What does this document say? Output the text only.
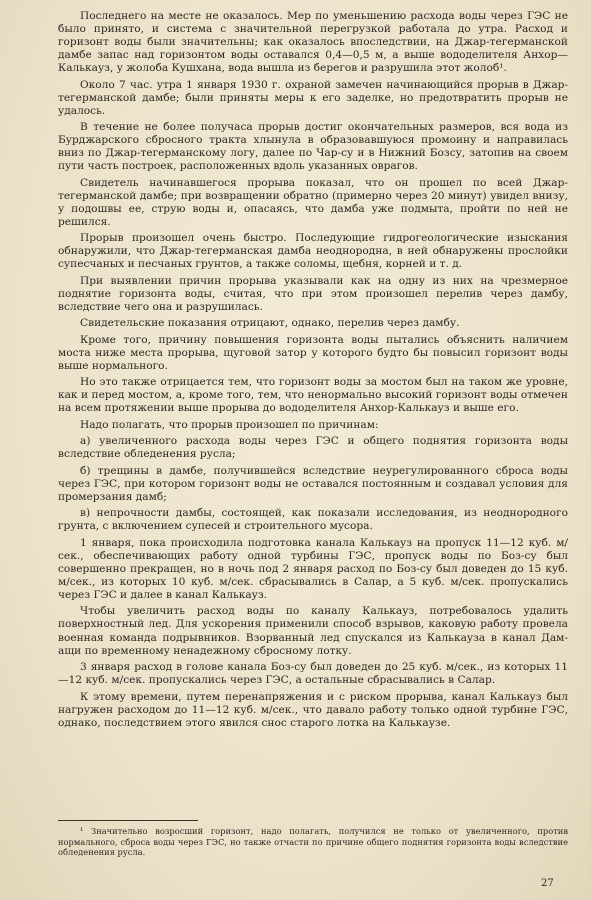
Последнего на месте не оказалось. Мер по уменьшению расхода воды через ГЭС не было принято, и система с значительной перегрузкой работала до утра. Расход и горизонт воды были значительны; как оказалось впоследствии, на Джар-тегерманской дамбе запас над горизонтом воды оставался 0,4—0,5 м, а выше вододелителя Анхор—Калькауз, у жолоба Кушхана, вода вышла из берегов и разрушила этот жолоб¹.

Около 7 час. утра 1 января 1930 г. охраной замечен начинающийся прорыв в Джар-тегерманской дамбе; были приняты меры к его заделке, но предотвратить прорыв не удалось.

В течение не более получаса прорыв достиг окончательных размеров, вся вода из Бурджарского сбросного тракта хлынула в образовавшуюся промоину и направилась вниз по Джар-тегерманскому логу, далее по Чар-су и в Нижний Бозсу, затопив на своем пути часть построек, расположенных вдоль указанных оврагов.

Свидетель начинавшегося прорыва показал, что он прошел по всей Джар-тегерманской дамбе; при возвращении обратно (примерно через 20 минут) увидел внизу, у подошвы ее, струю воды и, опасаясь, что дамба уже подмыта, пройти по ней не решился.

Прорыв произошел очень быстро. Последующие гидрогеологические изыскания обнаружили, что Джар-тегерманская дамба неоднородна, в ней обнаружены прослойки супесчаных и песчаных грунтов, а также соломы, щебня, корней и т. д.

При выявлении причин прорыва указывали как на одну из них на чрезмерное поднятие горизонта воды, считая, что при этом произошел перелив через дамбу, вследствие чего она и разрушилась.

Свидетельские показания отрицают, однако, перелив через дамбу.

Кроме того, причину повышения горизонта воды пытались объяснить наличием моста ниже места прорыва, щуговой затор у которого будто бы повысил горизонт воды выше нормального.

Но это также отрицается тем, что горизонт воды за мостом был на таком же уровне, как и перед мостом, а, кроме того, тем, что ненормально высокий горизонт воды отмечен на всем протяжении выше прорыва до вододелителя Анхор-Калькауз и выше его.

Надо полагать, что прорыв произошел по причинам:

а) увеличенного расхода воды через ГЭС и общего поднятия горизонта воды вследствие обледенения русла;

б) трещины в дамбе, получившейся вследствие неурегулированного сброса воды через ГЭС, при котором горизонт воды не оставался постоянным и создавал условия для промерзания дамб;

в) непрочности дамбы, состоящей, как показали исследования, из неоднородного грунта, с включением супесей и строительного мусора.

1 января, пока происходила подготовка канала Калькауз на пропуск 11—12 куб. м/сек., обеспечивающих работу одной турбины ГЭС, пропуск воды по Боз-су был совершенно прекращен, но в ночь под 2 января расход по Боз-су был доведен до 15 куб. м/сек., из которых 10 куб. м/сек. сбрасывались в Салар, а 5 куб. м/сек. пропускались через ГЭС и далее в канал Калькауз.

Чтобы увеличить расход воды по каналу Калькауз, потребовалось удалить поверхностный лед. Для ускорения применили способ взрывов, каковую работу провела военная команда подрывников. Взорванный лед спускался из Калькауза в канал Дам-ащи по временному ненадежному сбросному лотку.

3 января расход в голове канала Боз-су был доведен до 25 куб. м/сек., из которых 11—12 куб. м/сек. пропускались через ГЭС, а остальные сбрасывались в Салар.

К этому времени, путем перенапряжения и с риском прорыва, канал Калькауз был нагружен расходом до 11—12 куб. м/сек., что давало работу только одной турбине ГЭС, однако, последствием этого явился снос старого лотка на Калькаузе.

¹ Значительно возросший горизонт, надо полагать, получился не только от увеличенного, против нормального, сброса воды через ГЭС, но также отчасти по причине общего поднятия горизонта воды вследствие обледенения русла.

27
